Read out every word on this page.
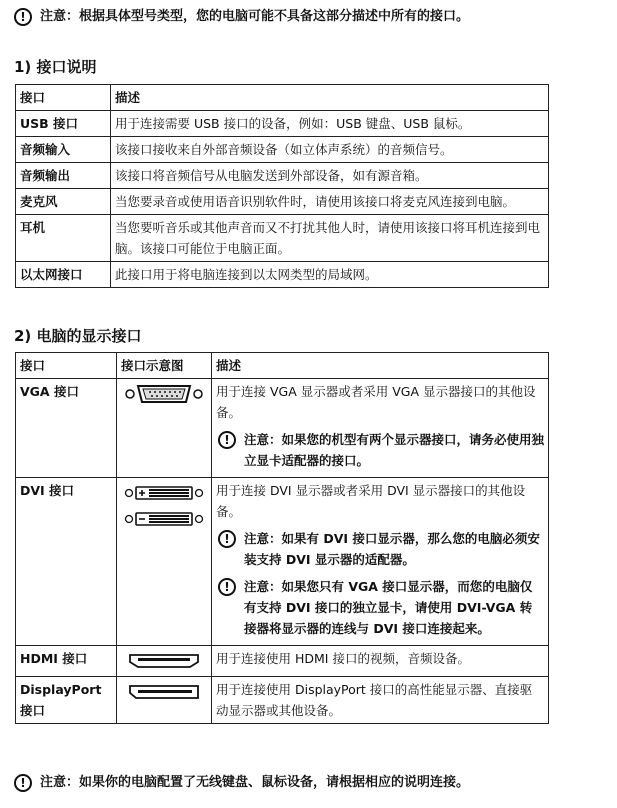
!	注意：根据具体型号类型，您的电脑可能不具备这部分描述中所有的接口。
1) 接口说明
接口	描述
USB 接口	用于连接需要 USB 接口的设备，例如：USB 键盘、USB 鼠标。
音频输入	该接口接收来自外部音频设备（如立体声系统）的音频信号。
音频输出	该接口将音频信号从电脑发送到外部设备，如有源音箱。
麦克风	当您要录音或使用语音识别软件时，请使用该接口将麦克风连接到电脑。
耳机	当您要听音乐或其他声音而又不打扰其他人时，请使用该接口将耳机连接到电脑。该接口可能位于电脑正面。
以太网接口	此接口用于将电脑连接到以太网类型的局域网。
2) 电脑的显示接口
接口	接口示意图	描述
VGA 接口		用于连接 VGA 显示器或者采用 VGA 显示器接口的其他设备。
! 注意：如果您的机型有两个显示器接口，请务必使用独立显卡适配器的接口。

DVI 接口		用于连接 DVI 显示器或者采用 DVI 显示器接口的其他设备。
! 注意：如果有 DVI 接口显示器，那么您的电脑必须安装支持 DVI 显示器的适配器。
! 注意：如果您只有 VGA 接口显示器，而您的电脑仅有支持 DVI 接口的独立显卡，请使用 DVI-VGA 转接器将显示器的连线与 DVI 接口连接起来。

HDMI 接口		用于连接使用 HDMI 接口的视频，音频设备。
DisplayPort 接口		用于连接使用 DisplayPort 接口的高性能显示器、直接驱动显示器或其他设备。
!	注意：如果你的电脑配置了无线键盘、鼠标设备，请根据相应的说明连接。
